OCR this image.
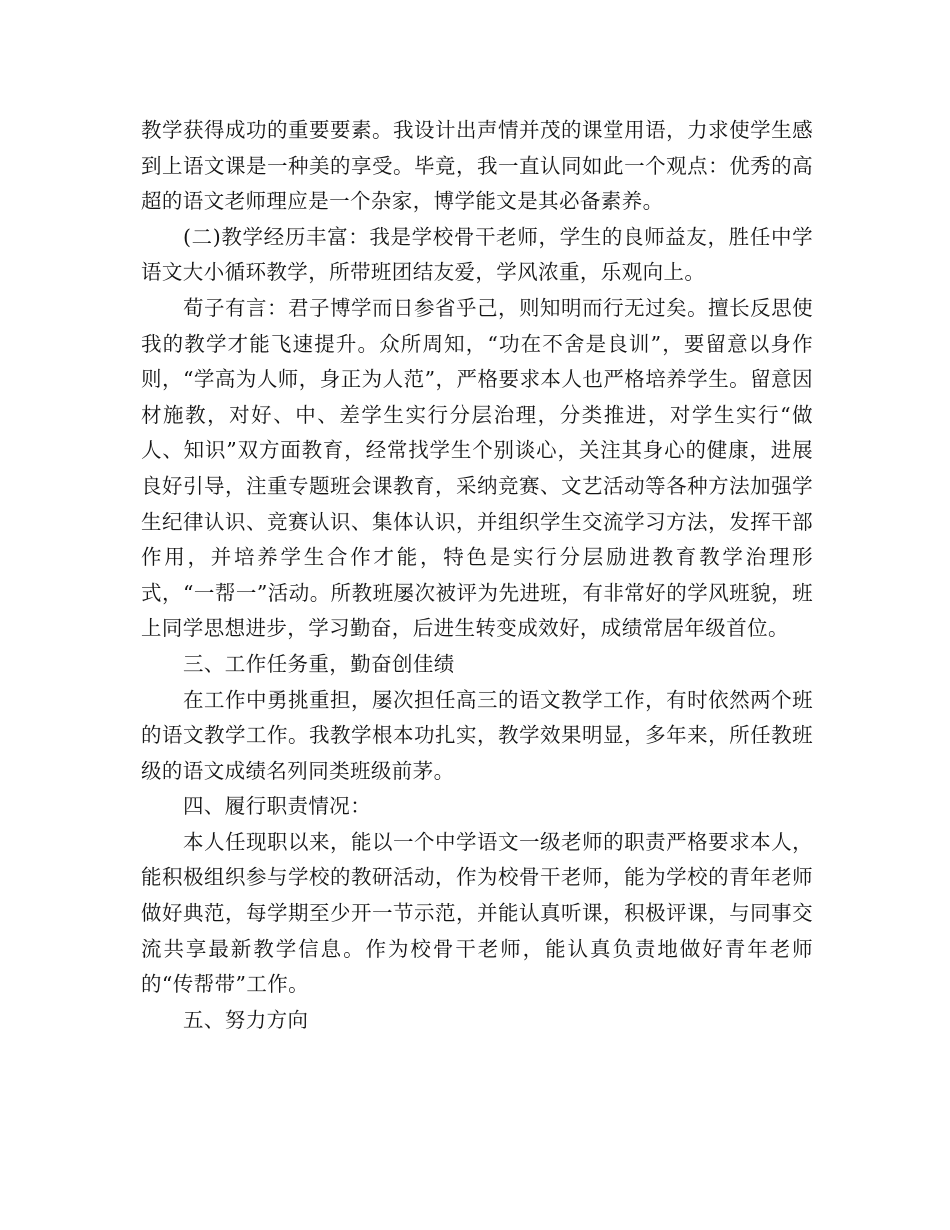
教学获得成功的重要要素。我设计出声情并茂的课堂用语，力求使学生感到上语文课是一种美的享受。毕竟，我一直认同如此一个观点：优秀的高超的语文老师理应是一个杂家，博学能文是其必备素养。

(二)教学经历丰富：我是学校骨干老师，学生的良师益友，胜任中学语文大小循环教学，所带班团结友爱，学风浓重，乐观向上。

荀子有言：君子博学而日参省乎己，则知明而行无过矣。擅长反思使我的教学才能飞速提升。众所周知，“功在不舍是良训”，要留意以身作则，“学高为人师，身正为人范”，严格要求本人也严格培养学生。留意因材施教，对好、中、差学生实行分层治理，分类推进，对学生实行“做人、知识”双方面教育，经常找学生个别谈心，关注其身心的健康，进展良好引导，注重专题班会课教育，采纳竞赛、文艺活动等各种方法加强学生纪律认识、竞赛认识、集体认识，并组织学生交流学习方法，发挥干部作用，并培养学生合作才能，特色是实行分层励进教育教学治理形式，“一帮一”活动。所教班屡次被评为先进班，有非常好的学风班貌，班上同学思想进步，学习勤奋，后进生转变成效好，成绩常居年级首位。

三、工作任务重，勤奋创佳绩

在工作中勇挑重担，屡次担任高三的语文教学工作，有时依然两个班的语文教学工作。我教学根本功扎实，教学效果明显，多年来，所任教班级的语文成绩名列同类班级前茅。

四、履行职责情况：

本人任现职以来，能以一个中学语文一级老师的职责严格要求本人，能积极组织参与学校的教研活动，作为校骨干老师，能为学校的青年老师做好典范，每学期至少开一节示范，并能认真听课，积极评课，与同事交流共享最新教学信息。作为校骨干老师，能认真负责地做好青年老师的“传帮带”工作。

五、努力方向
